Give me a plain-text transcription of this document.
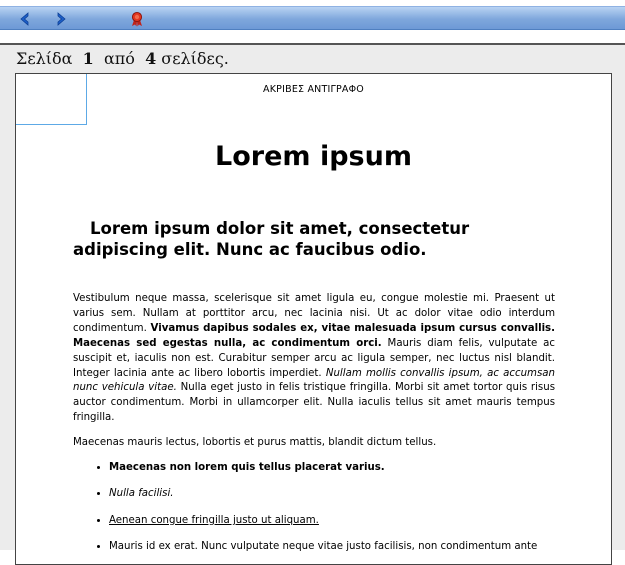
Σελίδα 1 από 4 σελίδες.
ΑΚΡΙΒΕΣ ΑΝΤΙΓΡΑΦΟ
Lorem ipsum
Lorem ipsum dolor sit amet, consectetur adipiscing elit. Nunc ac faucibus odio.

Vestibulum neque massa, scelerisque sit amet ligula eu, congue molestie mi. Praesent ut varius sem. Nullam at porttitor arcu, nec lacinia nisi. Ut ac dolor vitae odio interdum condimentum. Vivamus dapibus sodales ex, vitae malesuada ipsum cursus convallis. Maecenas sed egestas nulla, ac condimentum orci. Mauris diam felis, vulputate ac suscipit et, iaculis non est. Curabitur semper arcu ac ligula semper, nec luctus nisl blandit. Integer lacinia ante ac libero lobortis imperdiet. Nullam mollis convallis ipsum, ac accumsan nunc vehicula vitae. Nulla eget justo in felis tristique fringilla. Morbi sit amet tortor quis risus auctor condimentum. Morbi in ullamcorper elit. Nulla iaculis tellus sit amet mauris tempus fringilla.

Maecenas mauris lectus, lobortis et purus mattis, blandit dictum tellus.

• Maecenas non lorem quis tellus placerat varius.
• Nulla facilisi.
• Aenean congue fringilla justo ut aliquam.
• Mauris id ex erat. Nunc vulputate neque vitae justo facilisis, non condimentum ante
